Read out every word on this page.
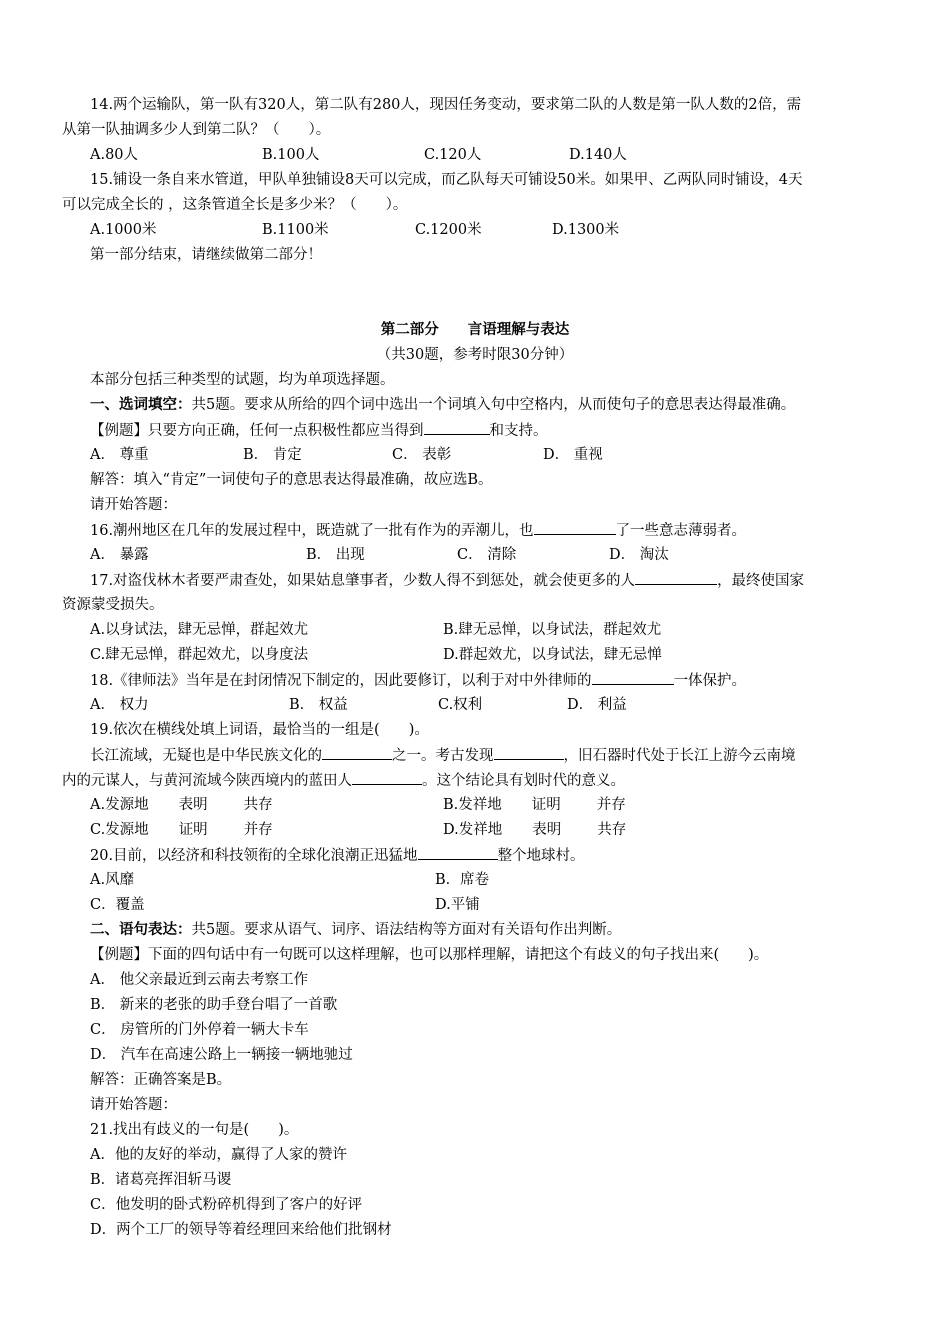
14.两个运输队，第一队有320人，第二队有280人，现因任务变动，要求第二队的人数是第一队人数的2倍，需
从第一队抽调多少人到第二队？（　　）。
A.80人	B.100人	C.120人	D.140人
15.铺设一条自来水管道，甲队单独铺设8天可以完成，而乙队每天可铺设50米。如果甲、乙两队同时铺设，4天
可以完成全长的 ，这条管道全长是多少米？（　　）。
A.1000米	B.1100米	C.1200米	D.1300米
第一部分结束，请继续做第二部分！
第二部分　　言语理解与表达
（共30题，参考时限30分钟）
本部分包括三种类型的试题，均为单项选择题。
一、选词填空：共5题。要求从所给的四个词中选出一个词填入句中空格内，从而使句子的意思表达得最准确。
【例题】只要方向正确，任何一点积极性都应当得到	和支持。
A． 尊重	B． 肯定	C． 表彰	D． 重视
解答：填入“肯定”一词使句子的意思表达得最准确，故应选B。
请开始答题：
16.潮州地区在几年的发展过程中，既造就了一批有作为的弄潮儿，也	了一些意志薄弱者。
A． 暴露	B． 出现	C． 清除	D． 淘汰
17.对盗伐林木者要严肃查处，如果姑息肇事者，少数人得不到惩处，就会使更多的人	，最终使国家
资源蒙受损失。
A.以身试法，肆无忌惮，群起效尤	B.肆无忌惮，以身试法，群起效尤
C.肆无忌惮，群起效尤，以身度法	D.群起效尤，以身试法，肆无忌惮
18.《律师法》当年是在封闭情况下制定的，因此要修订，以利于对中外律师的	一体保护。
A． 权力	B． 权益	C.权利	D． 利益
19.依次在横线处填上词语，最恰当的一组是(　　)。
长江流域，无疑也是中华民族文化的	之一。考古发现	，旧石器时代处于长江上游今云南境
内的元谋人，与黄河流域今陕西境内的蓝田人	。这个结论具有划时代的意义。
A.发源地 表明 共存	B.发祥地 证明 并存
C.发源地 证明 并存	D.发祥地 表明 共存
20.目前，以经济和科技领衔的全球化浪潮正迅猛地	整个地球村。
A.风靡	B．席卷
C．覆盖	D.平铺
二、语句表达：共5题。要求从语气、词序、语法结构等方面对有关语句作出判断。
【例题】下面的四句话中有一句既可以这样理解，也可以那样理解，请把这个有歧义的句子找出来(　　)。
A． 他父亲最近到云南去考察工作
B． 新来的老张的助手登台唱了一首歌
C． 房管所的门外停着一辆大卡车
D． 汽车在高速公路上一辆接一辆地驰过
解答：正确答案是B。
请开始答题：
21.找出有歧义的一句是(　　)。
A．他的友好的举动，赢得了人家的赞许
B．诸葛亮挥泪斩马谡
C．他发明的卧式粉碎机得到了客户的好评
D．两个工厂的领导等着经理回来给他们批钢材
